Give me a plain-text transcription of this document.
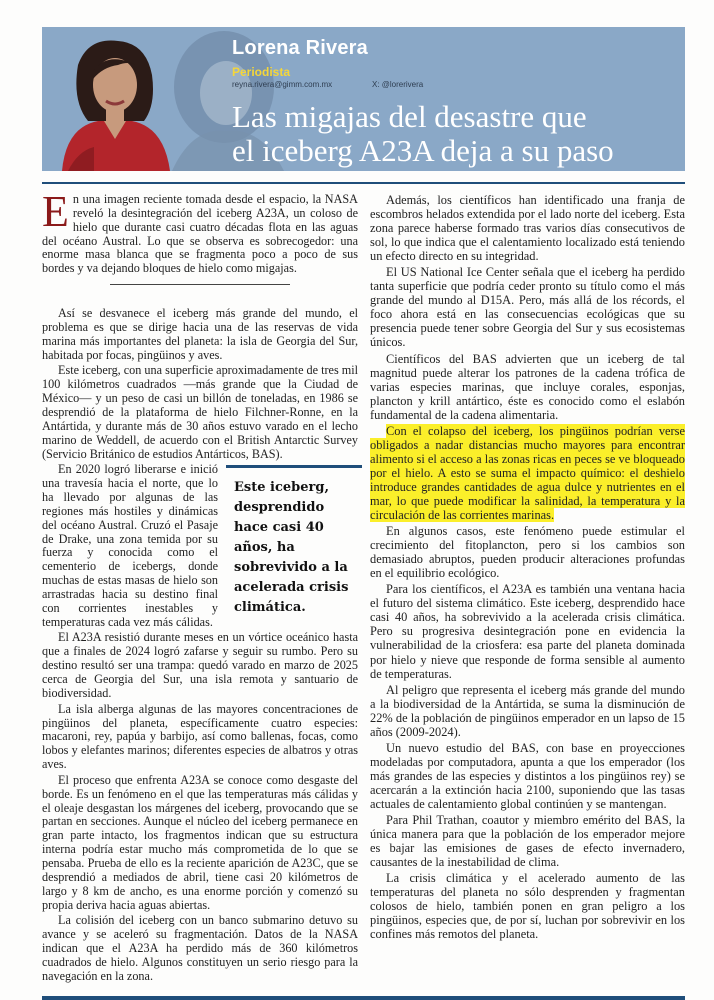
Lorena Rivera
Periodista
reyna.rivera@gimm.com.mx	X: @lorerivera
Las migajas del desastre que
el iceberg A23A deja a su paso

En una imagen reciente tomada desde el espacio, la NASA reveló la desintegración del iceberg A23A, un coloso de hielo que durante casi cuatro décadas flota en las aguas del océano Austral. Lo que se observa es sobrecogedor: una enorme masa blanca que se fragmenta poco a poco de sus bordes y va dejando bloques de hielo como migajas.

Así se desvanece el iceberg más grande del mundo, el problema es que se dirige hacia una de las reservas de vida marina más importantes del planeta: la isla de Georgia del Sur, habitada por focas, pingüinos y aves.

Este iceberg, con una superficie aproximadamente de tres mil 100 kilómetros cuadrados —más grande que la Ciudad de México— y un peso de casi un billón de toneladas, en 1986 se desprendió de la plataforma de hielo Filchner-Ronne, en la Antártida, y durante más de 30 años estuvo varado en el lecho marino de Weddell, de acuerdo con el British Antarctic Survey (Servicio Británico de estudios Antárticos, BAS).

Este iceberg, desprendido hace casi 40 años, ha sobrevivido a la acelerada crisis climática.
En 2020 logró liberarse e inició una travesía hacia el norte, que lo ha llevado por algunas de las regiones más hostiles y dinámicas del océano Austral. Cruzó el Pasaje de Drake, una zona temida por su fuerza y conocida como el cementerio de icebergs, donde muchas de estas masas de hielo son arrastradas hacia su destino final con corrientes inestables y temperaturas cada vez más cálidas.

El A23A resistió durante meses en un vórtice oceánico hasta que a finales de 2024 logró zafarse y seguir su rumbo. Pero su destino resultó ser una trampa: quedó varado en marzo de 2025 cerca de Georgia del Sur, una isla remota y santuario de biodiversidad.

La isla alberga algunas de las mayores concentraciones de pingüinos del planeta, específicamente cuatro especies: macaroni, rey, papúa y barbijo, así como ballenas, focas, como lobos y elefantes marinos; diferentes especies de albatros y otras aves.

El proceso que enfrenta A23A se conoce como desgaste del borde. Es un fenómeno en el que las temperaturas más cálidas y el oleaje desgastan los márgenes del iceberg, provocando que se partan en secciones. Aunque el núcleo del iceberg permanece en gran parte intacto, los fragmentos indican que su estructura interna podría estar mucho más comprometida de lo que se pensaba. Prueba de ello es la reciente aparición de A23C, que se desprendió a mediados de abril, tiene casi 20 kilómetros de largo y 8 km de ancho, es una enorme porción y comenzó su propia deriva hacia aguas abiertas.

La colisión del iceberg con un banco submarino detuvo su avance y se aceleró su fragmentación. Datos de la NASA indican que el A23A ha perdido más de 360 kilómetros cuadrados de hielo. Algunos constituyen un serio riesgo para la navegación en la zona.

Además, los científicos han identificado una franja de escombros helados extendida por el lado norte del iceberg. Esta zona parece haberse formado tras varios días consecutivos de sol, lo que indica que el calentamiento localizado está teniendo un efecto directo en su integridad.

El US National Ice Center señala que el iceberg ha perdido tanta superficie que podría ceder pronto su título como el más grande del mundo al D15A. Pero, más allá de los récords, el foco ahora está en las consecuencias ecológicas que su presencia puede tener sobre Georgia del Sur y sus ecosistemas únicos.

Científicos del BAS advierten que un iceberg de tal magnitud puede alterar los patrones de la cadena trófica de varias especies marinas, que incluye corales, esponjas, plancton y krill antártico, éste es conocido como el eslabón fundamental de la cadena alimentaria.

Con el colapso del iceberg, los pingüinos podrían verse obligados a nadar distancias mucho mayores para encontrar alimento si el acceso a las zonas ricas en peces se ve bloqueado por el hielo. A esto se suma el impacto químico: el deshielo introduce grandes cantidades de agua dulce y nutrientes en el mar, lo que puede modificar la salinidad, la temperatura y la circulación de las corrientes marinas.

En algunos casos, este fenómeno puede estimular el crecimiento del fitoplancton, pero si los cambios son demasiado abruptos, pueden producir alteraciones profundas en el equilibrio ecológico.

Para los científicos, el A23A es también una ventana hacia el futuro del sistema climático. Este iceberg, desprendido hace casi 40 años, ha sobrevivido a la acelerada crisis climática. Pero su progresiva desintegración pone en evidencia la vulnerabilidad de la criosfera: esa parte del planeta dominada por hielo y nieve que responde de forma sensible al aumento de temperaturas.

Al peligro que representa el iceberg más grande del mundo a la biodiversidad de la Antártida, se suma la disminución de 22% de la población de pingüinos emperador en un lapso de 15 años (2009-2024).

Un nuevo estudio del BAS, con base en proyecciones modeladas por computadora, apunta a que los emperador (los más grandes de las especies y distintos a los pingüinos rey) se acercarán a la extinción hacia 2100, suponiendo que las tasas actuales de calentamiento global continúen y se mantengan.

Para Phil Trathan, coautor y miembro emérito del BAS, la única manera para que la población de los emperador mejore es bajar las emisiones de gases de efecto invernadero, causantes de la inestabilidad de clima.

La crisis climática y el acelerado aumento de las temperaturas del planeta no sólo desprenden y fragmentan colosos de hielo, también ponen en gran peligro a los pingüinos, especies que, de por sí, luchan por sobrevivir en los confines más remotos del planeta.
